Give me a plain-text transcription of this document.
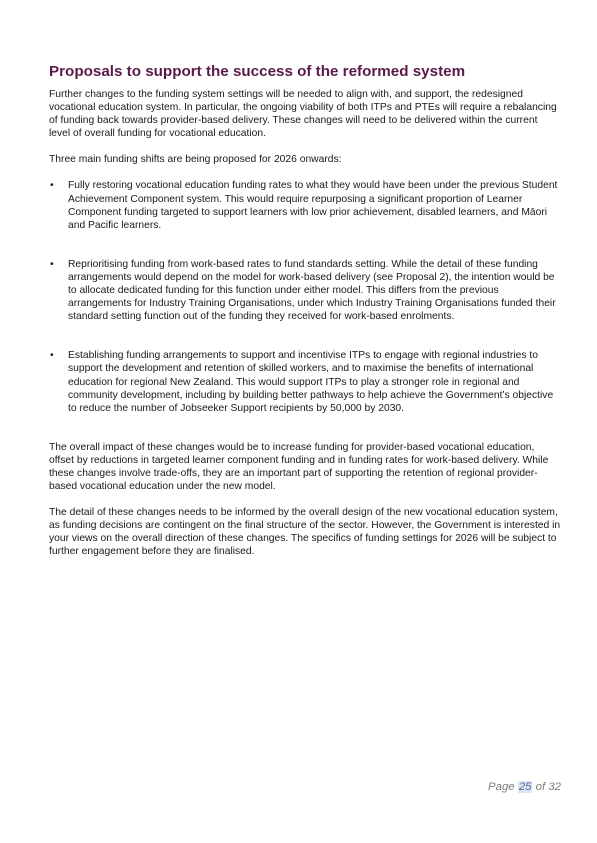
Proposals to support the success of the reformed system

Further changes to the funding system settings will be needed to align with, and support, the redesigned vocational education system. In particular, the ongoing viability of both ITPs and PTEs will require a rebalancing of funding back towards provider-based delivery. These changes will need to be delivered within the current level of overall funding for vocational education.

Three main funding shifts are being proposed for 2026 onwards:

• Fully restoring vocational education funding rates to what they would have been under the previous Student Achievement Component system. This would require repurposing a significant proportion of Learner Component funding targeted to support learners with low prior achievement, disabled learners, and Māori and Pacific learners.
• Reprioritising funding from work-based rates to fund standards setting. While the detail of these funding arrangements would depend on the model for work-based delivery (see Proposal 2), the intention would be to allocate dedicated funding for this function under either model. This differs from the previous arrangements for Industry Training Organisations, under which Industry Training Organisations funded their standard setting function out of the funding they received for work-based enrolments.
• Establishing funding arrangements to support and incentivise ITPs to engage with regional industries to support the development and retention of skilled workers, and to maximise the benefits of international education for regional New Zealand. This would support ITPs to play a stronger role in regional and community development, including by building better pathways to help achieve the Government’s objective to reduce the number of Jobseeker Support recipients by 50,000 by 2030.

The overall impact of these changes would be to increase funding for provider-based vocational education, offset by reductions in targeted learner component funding and in funding rates for work-based delivery. While these changes involve trade-offs, they are an important part of supporting the retention of regional provider-based vocational education under the new model.

The detail of these changes needs to be informed by the overall design of the new vocational education system, as funding decisions are contingent on the final structure of the sector. However, the Government is interested in your views on the overall direction of these changes. The specifics of funding settings for 2026 will be subject to further engagement before they are finalised.

Page 25 of 32
